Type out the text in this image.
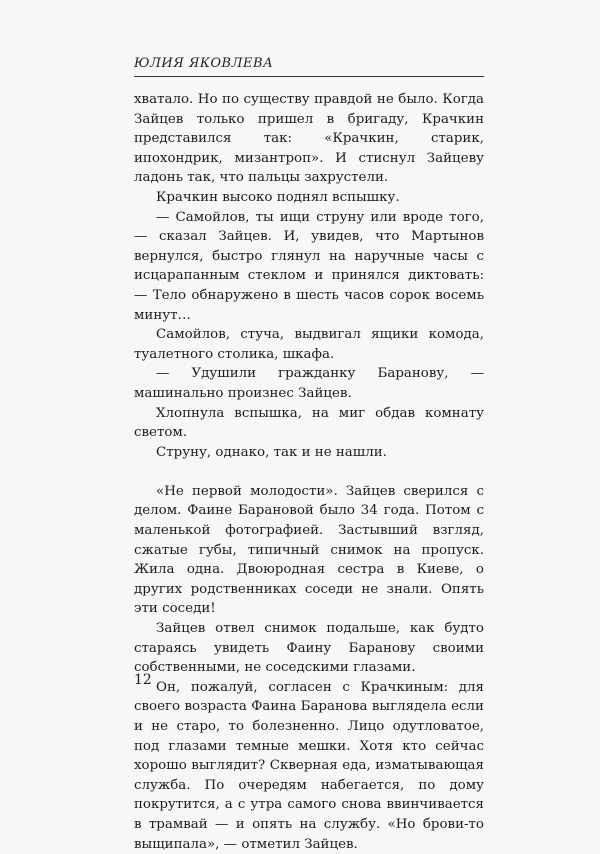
ЮЛИЯ ЯКОВЛЕВА

хватало. Но по существу правдой не было. Когда Зайцев только пришел в бригаду, Крачкин представился так: «Крачкин, старик, ипохондрик, мизантроп». И стиснул Зайцеву ладонь так, что пальцы захрустели.

Крачкин высоко поднял вспышку.

— Самойлов, ты ищи струну или вроде того, — сказал Зайцев. И, увидев, что Мартынов вернулся, быстро глянул на наручные часы с исцарапанным стеклом и принялся диктовать: — Тело обнаружено в шесть часов сорок восемь минут…

Самойлов, стуча, выдвигал ящики комода, туалетного столика, шкафа.

— Удушили гражданку Баранову, — машинально произнес Зайцев.

Хлопнула вспышка, на миг обдав комнату светом.

Струну, однако, так и не нашли.

«Не первой молодости». Зайцев сверился с делом. Фаине Барановой было 34 года. Потом с маленькой фотографией. Застывший взгляд, сжатые губы, типичный снимок на пропуск. Жила одна. Двоюродная сестра в Киеве, о других родственниках соседи не знали. Опять эти соседи!

Зайцев отвел снимок подальше, как будто стараясь увидеть Фаину Баранову своими собственными, не соседскими глазами.

Он, пожалуй, согласен с Крачкиным: для своего возраста Фаина Баранова выглядела если и не старо, то болезненно. Лицо одутловатое, под глазами темные мешки. Хотя кто сейчас хорошо выглядит? Скверная еда, изматывающая служба. По очередям набегается, по дому покрутится, а с утра самого снова ввинчивается в трамвай — и опять на службу. «Но брови-то выщипала», — отметил Зайцев.

12
